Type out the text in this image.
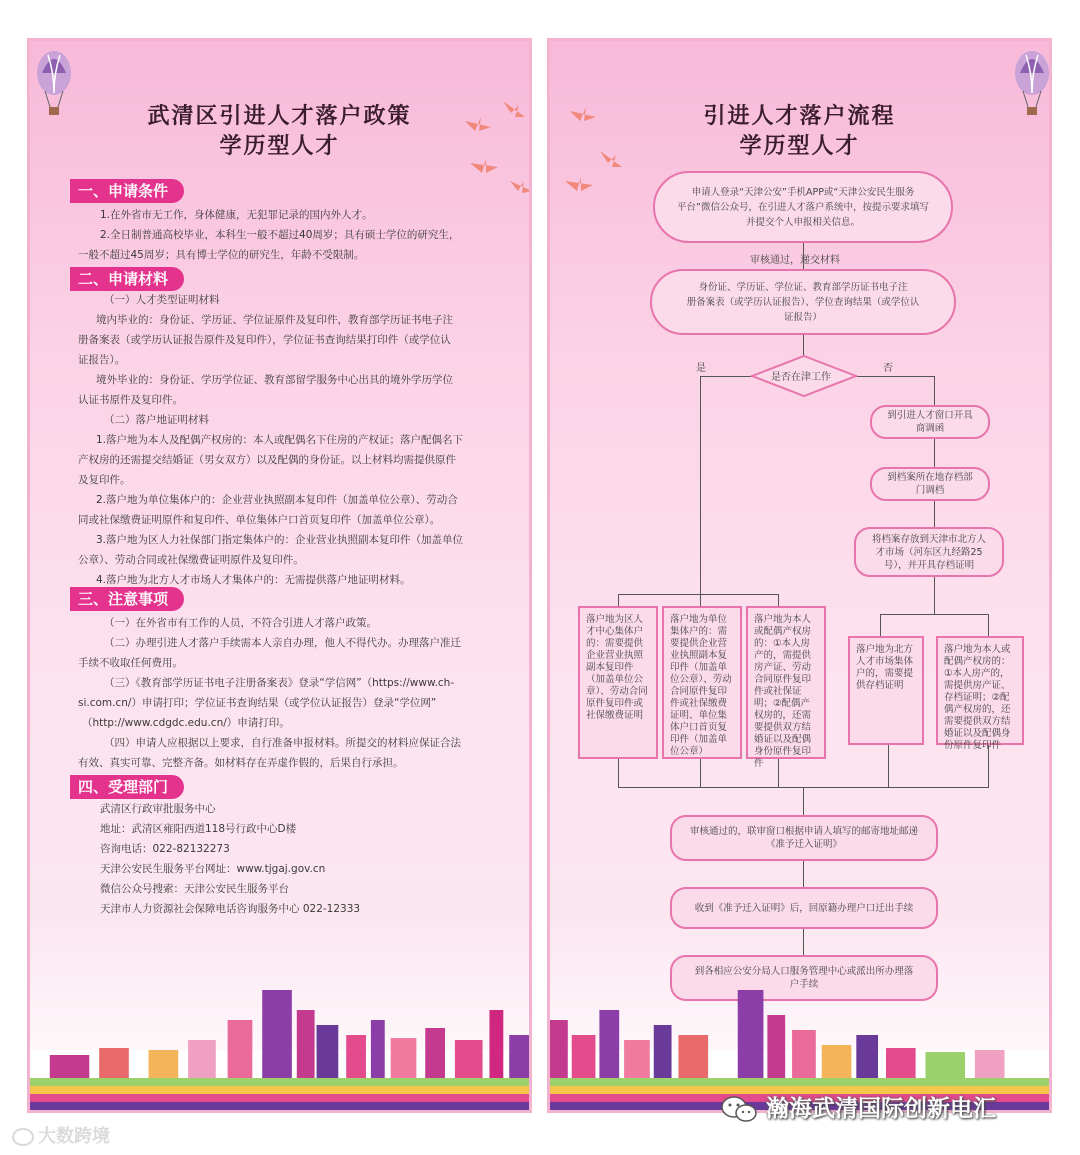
武清区引进人才落户政策
学历型人才
一、申请条件
1.在外省市无工作，身体健康，无犯罪记录的国内外人才。
2.全日制普通高校毕业，本科生一般不超过40周岁；具有硕士学位的研究生，
一般不超过45周岁；具有博士学位的研究生，年龄不受限制。
二、申请材料
（一）人才类型证明材料
境内毕业的：身份证、学历证、学位证原件及复印件，教育部学历证书电子注
册备案表（或学历认证报告原件及复印件），学位证书查询结果打印件（或学位认
证报告）。
境外毕业的：身份证、学历学位证、教育部留学服务中心出具的境外学历学位
认证书原件及复印件。
（二）落户地证明材料
1.落户地为本人及配偶产权房的：本人或配偶名下住房的产权证；落户配偶名下
产权房的还需提交结婚证（男女双方）以及配偶的身份证。以上材料均需提供原件
及复印件。
2.落户地为单位集体户的：企业营业执照副本复印件（加盖单位公章）、劳动合
同或社保缴费证明原件和复印件、单位集体户口首页复印件（加盖单位公章）。
3.落户地为区人力社保部门指定集体户的：企业营业执照副本复印件（加盖单位
公章）、劳动合同或社保缴费证明原件及复印件。
4.落户地为北方人才市场人才集体户的：无需提供落户地证明材料。
三、注意事项
（一）在外省市有工作的人员，不符合引进人才落户政策。
（二）办理引进人才落户手续需本人亲自办理，他人不得代办。办理落户准迁
手续不收取任何费用。
（三）《教育部学历证书电子注册备案表》登录“学信网”（https://www.ch-
si.com.cn/）申请打印；学位证书查询结果（或学位认证报告）登录“学位网”
（http://www.cdgdc.edu.cn/）申请打印。
（四）申请人应根据以上要求，自行准备申报材料。所提交的材料应保证合法
有效、真实可靠、完整齐备。如材料存在弄虚作假的，后果自行承担。
四、受理部门
武清区行政审批服务中心
地址：武清区雍阳西道118号行政中心D楼
咨询电话：022-82132273
天津公安民生服务平台网址：www.tjgaj.gov.cn
微信公众号搜索：天津公安民生服务平台
天津市人力资源社会保障电话咨询服务中心 022-12333
引进人才落户流程
学历型人才
申请人登录“天津公安”手机APP或“天津公安民生服务
平台”微信公众号，在引进人才落户系统中，按提示要求填写
并提交个人申报相关信息。
审核通过，递交材料
身份证、学历证、学位证、教育部学历证书电子注
册备案表（或学历认证报告）、学位查询结果（或学位认
证报告）
是否在津工作
是	否
到引进人才窗口开具
商调函
到档案所在地存档部
门调档
将档案存放到天津市北方人
才市场（河东区九经路25
号），并开具存档证明
落户地为区人才中心集体户的：需要提供企业营业执照副本复印件（加盖单位公章）、劳动合同原件复印件或社保缴费证明
落户地为单位集体户的：需要提供企业营业执照副本复印件（加盖单位公章）、劳动合同原件复印件或社保缴费证明、单位集体户口首页复印件（加盖单位公章）
落户地为本人或配偶产权房的：①本人房产的，需提供房产证、劳动合同原件复印件或社保证明；②配偶产权房的，还需要提供双方结婚证以及配偶身份原件复印件
落户地为北方人才市场集体户的，需要提供存档证明
落户地为本人或配偶产权房的：①本人房产的，需提供房产证、存档证明；②配偶产权房的，还需要提供双方结婚证以及配偶身份原件复印件
审核通过的，联审窗口根据申请人填写的邮寄地址邮递
《准予迁入证明》
收到《准予迁入证明》后，回原籍办理户口迁出手续
到各相应公安分局人口服务管理中心或派出所办理落
户手续
大数跨境
瀚海武清国际创新电汇
